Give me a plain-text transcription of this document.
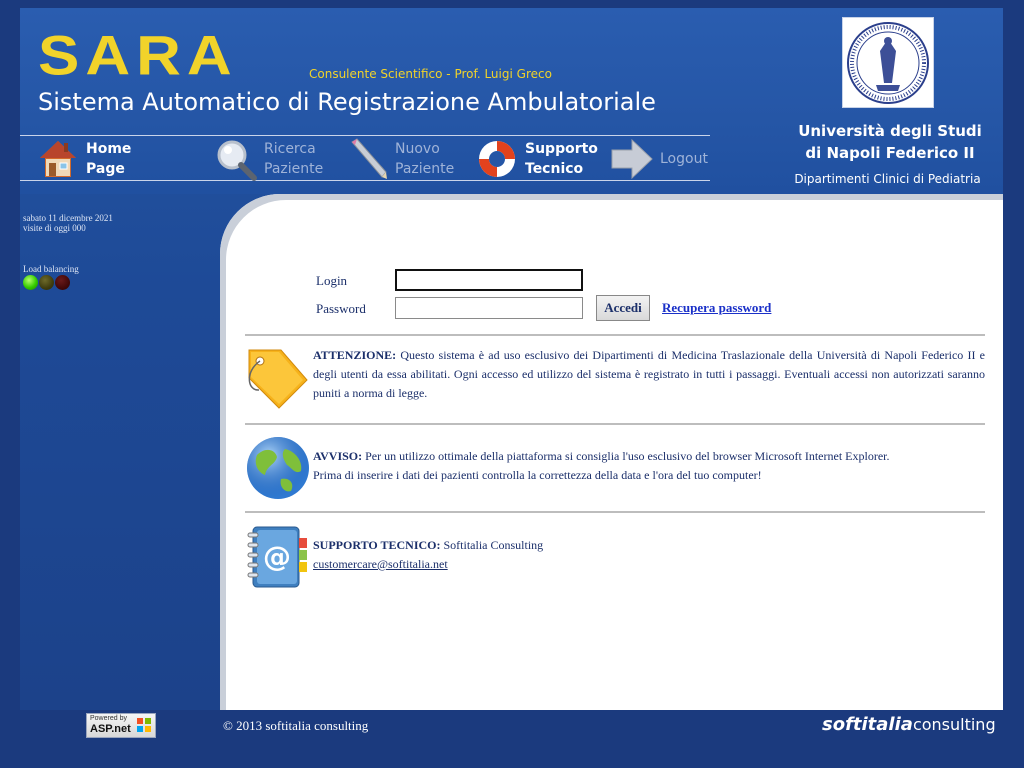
SARA	Consulente Scientifico - Prof. Luigi Greco
Sistema Automatico di Registrazione Ambulatoriale
Home
Page
Ricerca
Paziente
Nuovo
Paziente
Supporto
Tecnico
Logout
Università degli Studi
di Napoli Federico II
Dipartimenti Clinici di Pediatria
sabato 11 dicembre 2021
visite di oggi 000
Load balancing
Login
Password	Accedi	Recupera password
ATTENZIONE: Questo sistema è ad uso esclusivo dei Dipartimenti di Medicina Traslazionale della Università di Napoli Federico II e degli utenti da essa abilitati. Ogni accesso ed utilizzo del sistema è registrato in tutti i passaggi. Eventuali accessi non autorizzati saranno puniti a norma di legge.
AVVISO: Per un utilizzo ottimale della piattaforma si consiglia l'uso esclusivo del browser Microsoft Internet Explorer.
Prima di inserire i dati dei pazienti controlla la correttezza della data e l'ora del tuo computer!
@ SUPPORTO TECNICO: Softitalia Consulting
customercare@softitalia.net
Powered by
ASP.net	© 2013 softitalia consulting	softitaliaconsulting
